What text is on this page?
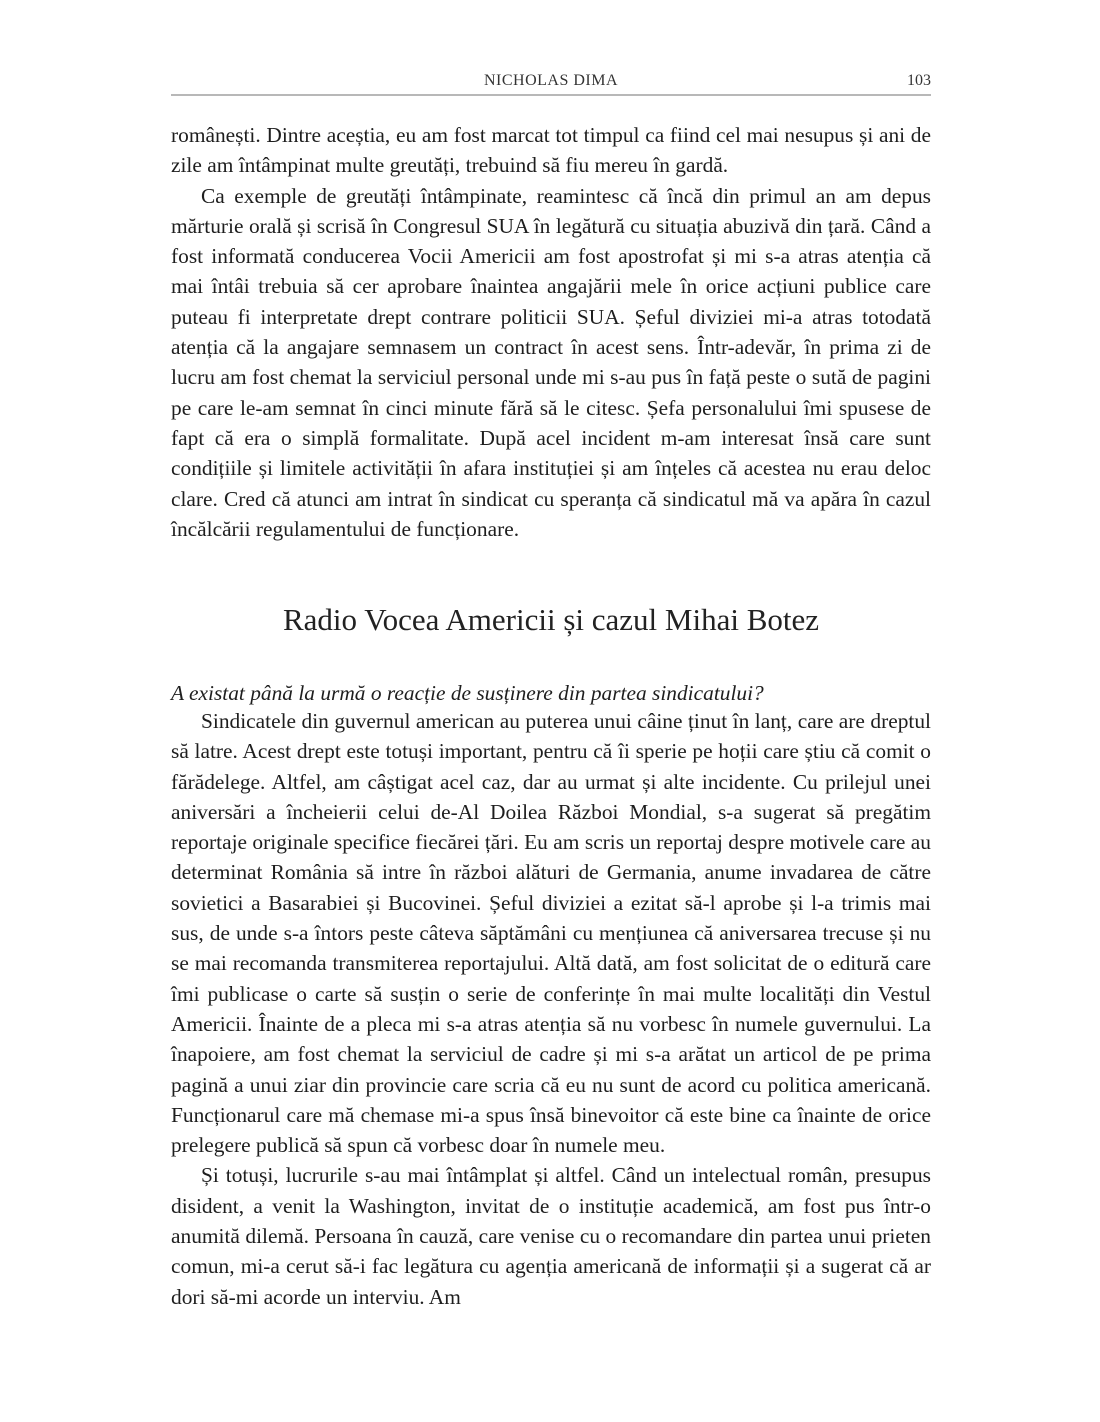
NICHOLAS DIMA	103

românești. Dintre aceștia, eu am fost marcat tot timpul ca fiind cel mai nesupus și ani de zile am întâmpinat multe greutăți, trebuind să fiu mereu în gardă.

Ca exemple de greutăți întâmpinate, reamintesc că încă din primul an am depus mărturie orală și scrisă în Congresul SUA în legătură cu situația abuzivă din țară. Când a fost informată conducerea Vocii Americii am fost apostrofat și mi s-a atras atenția că mai întâi trebuia să cer aprobare înaintea angajării mele în orice acțiuni publice care puteau fi interpretate drept contrare politicii SUA. Șeful diviziei mi-a atras totodată atenția că la angajare semnasem un contract în acest sens. Într-adevăr, în prima zi de lucru am fost chemat la serviciul personal unde mi s-au pus în față peste o sută de pagini pe care le-am semnat în cinci minute fără să le citesc. Șefa personalului îmi spusese de fapt că era o simplă formalitate. După acel incident m-am interesat însă care sunt condițiile și limitele activității în afara instituției și am înțeles că acestea nu erau deloc clare. Cred că atunci am intrat în sindicat cu speranța că sindicatul mă va apăra în cazul încălcării regulamentului de funcționare.

Radio Vocea Americii și cazul Mihai Botez
A existat până la urmă o reacție de susținere din partea sindicatului?

Sindicatele din guvernul american au puterea unui câine ținut în lanț, care are dreptul să latre. Acest drept este totuși important, pentru că îi sperie pe hoții care știu că comit o fărădelege. Altfel, am câștigat acel caz, dar au urmat și alte incidente. Cu prilejul unei aniversări a încheierii celui de-Al Doilea Război Mondial, s-a sugerat să pregătim reportaje originale specifice fiecărei țări. Eu am scris un reportaj despre motivele care au determinat România să intre în război alături de Germania, anume invadarea de către sovietici a Basarabiei și Bucovinei. Șeful diviziei a ezitat să-l aprobe și l-a trimis mai sus, de unde s-a întors peste câteva săptămâni cu mențiunea că aniversarea trecuse și nu se mai recomanda transmiterea reportajului. Altă dată, am fost solicitat de o editură care îmi publicase o carte să susțin o serie de conferințe în mai multe localități din Vestul Americii. Înainte de a pleca mi s-a atras atenția să nu vorbesc în numele guvernului. La înapoiere, am fost chemat la serviciul de cadre și mi s-a arătat un articol de pe prima pagină a unui ziar din provincie care scria că eu nu sunt de acord cu politica americană. Funcționarul care mă chemase mi-a spus însă binevoitor că este bine ca înainte de orice prelegere publică să spun că vorbesc doar în numele meu.

Și totuși, lucrurile s-au mai întâmplat și altfel. Când un intelectual român, presupus disident, a venit la Washington, invitat de o instituție academică, am fost pus într-o anumită dilemă. Persoana în cauză, care venise cu o recomandare din partea unui prieten comun, mi-a cerut să-i fac legătura cu agenția americană de informații și a sugerat că ar dori să-mi acorde un interviu. Am
